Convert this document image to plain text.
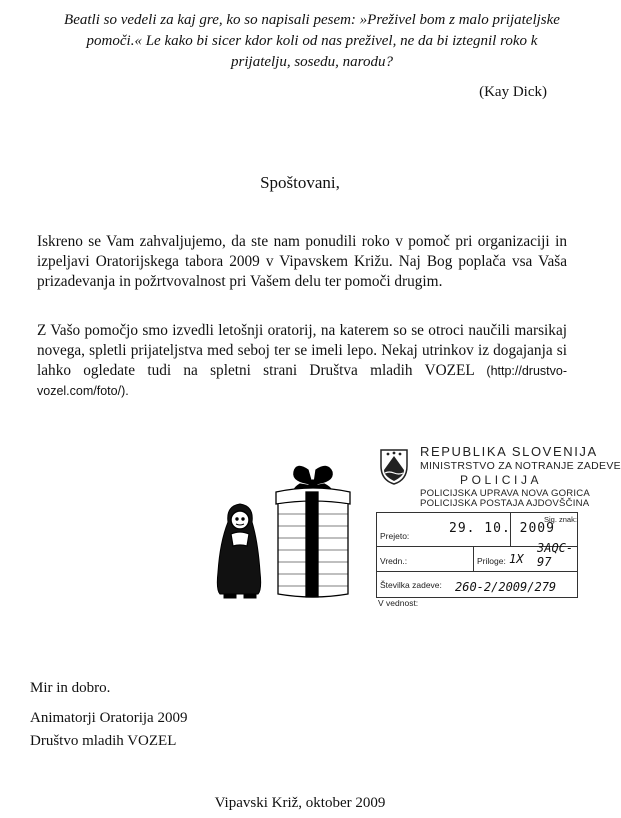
Beatli so vedeli za kaj gre, ko so napisali pesem: »Preživel bom z malo prijateljske pomoči.« Le kako bi sicer kdor koli od nas preživel, ne da bi iztegnil roko k prijatelju, sosedu, narodu?
(Kay Dick)
Spoštovani,
Iskreno se Vam zahvaljujemo, da ste nam ponudili roko v pomoč pri organizaciji in izpeljavi Oratorijskega tabora 2009 v Vipavskem Križu. Naj Bog poplača vsa Vaša prizadevanja in požrtvovalnost pri Vašem delu ter pomoči drugim.
Z Vašo pomočjo smo izvedli letošnji oratorij, na katerem so se otroci naučili marsikaj novega, spletli prijateljstva med seboj ter se imeli lepo. Nekaj utrinkov iz dogajanja si lahko ogledate tudi na spletni strani Društva mladih VOZEL (http://drustvo-vozel.com/foto/).
REPUBLIKA SLOVENIJA
MINISTRSTVO ZA NOTRANJE ZADEVE
POLICIJA
POLICIJSKA UPRAVA NOVA GORICA
POLICIJSKA POSTAJA AJDOVŠČINA
Prejeto:	29. 10. 2009
Sig. znak:
3AQC-97
Vredn.:	Priloge: 1X
Številka zadeve: 260-2/2009/279
V vednost:
Mir in dobro.
Animatorji Oratorija 2009
Društvo mladih VOZEL
Vipavski Križ, oktober 2009
